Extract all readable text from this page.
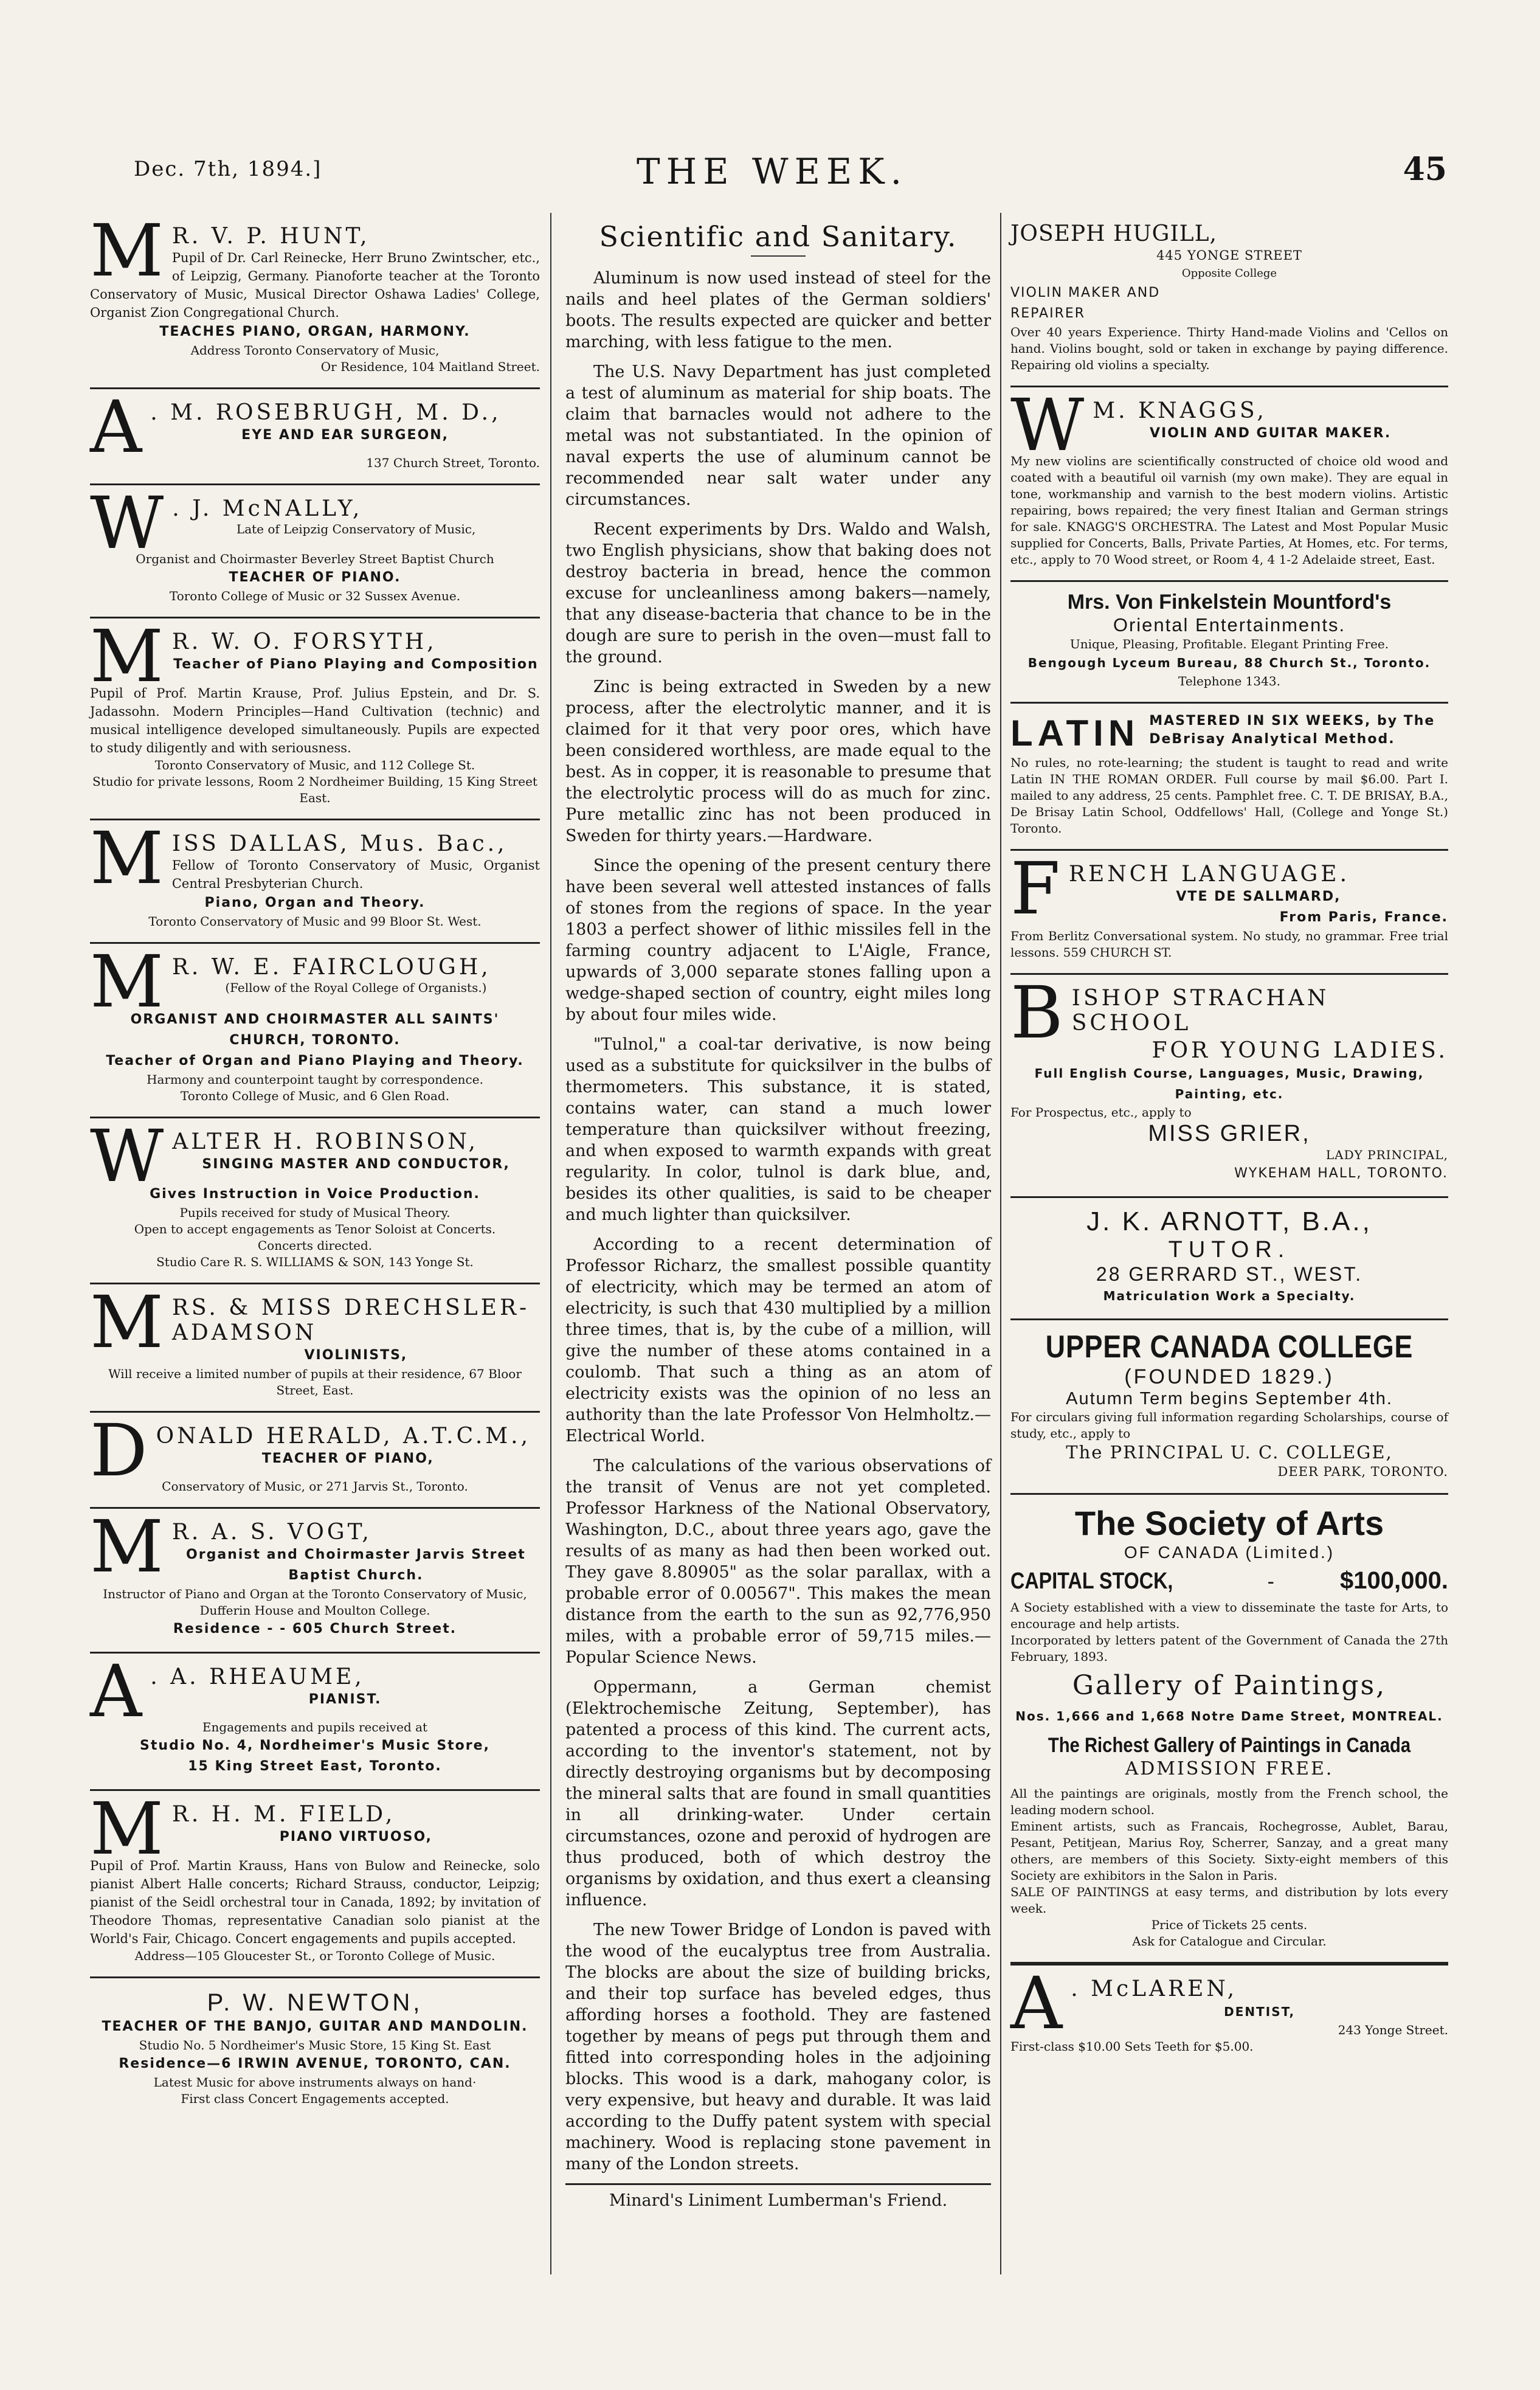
Dec. 7th, 1894.]	THE WEEK.	45
M R. V. P. HUNT,
Pupil of Dr. Carl Reinecke, Herr Bruno Zwintscher, etc., of Leipzig, Germany. Pianoforte teacher at the Toronto Conservatory of Music, Musical Director Oshawa Ladies' College, Organist Zion Congregational Church.
TEACHES PIANO, ORGAN, HARMONY.
Address Toronto Conservatory of Music,
Or Residence, 104 Maitland Street.
A . M. ROSEBRUGH, M. D.,
EYE AND EAR SURGEON,
137 Church Street, Toronto.
W . J. McNALLY,
Late of Leipzig Conservatory of Music,
Organist and Choirmaster Beverley Street Baptist Church
TEACHER OF PIANO.
Toronto College of Music or 32 Sussex Avenue.
M R. W. O. FORSYTH,
Teacher of Piano Playing and Composition
Pupil of Prof. Martin Krause, Prof. Julius Epstein, and Dr. S. Jadassohn. Modern Principles—Hand Cultivation (technic) and musical intelligence developed simultaneously. Pupils are expected to study diligently and with seriousness.
Toronto Conservatory of Music, and 112 College St.
Studio for private lessons, Room 2 Nordheimer Building, 15 King Street East.
M ISS DALLAS, Mus. Bac.,
Fellow of Toronto Conservatory of Music, Organist Central Presbyterian Church.
Piano, Organ and Theory.
Toronto Conservatory of Music and 99 Bloor St. West.
M R. W. E. FAIRCLOUGH,
(Fellow of the Royal College of Organists.)
ORGANIST AND CHOIRMASTER ALL SAINTS' CHURCH, TORONTO.
Teacher of Organ and Piano Playing and Theory.
Harmony and counterpoint taught by correspondence.
Toronto College of Music, and 6 Glen Road.
W ALTER H. ROBINSON,
SINGING MASTER AND CONDUCTOR,
Gives Instruction in Voice Production.
Pupils received for study of Musical Theory.
Open to accept engagements as Tenor Soloist at Concerts.
Concerts directed.
Studio Care R. S. WILLIAMS & SON, 143 Yonge St.
M RS. & MISS DRECHSLER-ADAMSON
VIOLINISTS,
Will receive a limited number of pupils at their residence, 67 Bloor Street, East.
D ONALD HERALD, A.T.C.M.,
TEACHER OF PIANO,
Conservatory of Music, or 271 Jarvis St., Toronto.
M R. A. S. VOGT,
Organist and Choirmaster Jarvis Street Baptist Church.
Instructor of Piano and Organ at the Toronto Conservatory of Music, Dufferin House and Moulton College.
Residence - - 605 Church Street.
A . A. RHEAUME,
PIANIST.
Engagements and pupils received at
Studio No. 4, Nordheimer's Music Store,
15 King Street East, Toronto.
M R. H. M. FIELD,
PIANO VIRTUOSO,
Pupil of Prof. Martin Krauss, Hans von Bulow and Reinecke, solo pianist Albert Halle concerts; Richard Strauss, conductor, Leipzig; pianist of the Seidl orchestral tour in Canada, 1892; by invitation of Theodore Thomas, representative Canadian solo pianist at the World's Fair, Chicago. Concert engagements and pupils accepted.
Address—105 Gloucester St., or Toronto College of Music.
P. W. NEWTON,
TEACHER OF THE BANJO, GUITAR AND MANDOLIN.
Studio No. 5 Nordheimer's Music Store, 15 King St. East
Residence—6 IRWIN AVENUE, TORONTO, CAN.
Latest Music for above instruments always on hand·
First class Concert Engagements accepted.
Scientific and Sanitary.

Aluminum is now used instead of steel for the nails and heel plates of the German soldiers' boots. The results expected are quicker and better marching, with less fatigue to the men.

The U.S. Navy Department has just completed a test of aluminum as material for ship boats. The claim that barnacles would not adhere to the metal was not substantiated. In the opinion of naval experts the use of aluminum cannot be recommended near salt water under any circumstances.

Recent experiments by Drs. Waldo and Walsh, two English physicians, show that baking does not destroy bacteria in bread, hence the common excuse for uncleanliness among bakers—namely, that any disease-bacteria that chance to be in the dough are sure to perish in the oven—must fall to the ground.

Zinc is being extracted in Sweden by a new process, after the electrolytic manner, and it is claimed for it that very poor ores, which have been considered worthless, are made equal to the best. As in copper, it is reasonable to presume that the electrolytic process will do as much for zinc. Pure metallic zinc has not been produced in Sweden for thirty years.—Hardware.

Since the opening of the present century there have been several well attested instances of falls of stones from the regions of space. In the year 1803 a perfect shower of lithic missiles fell in the farming country adjacent to L'Aigle, France, upwards of 3,000 separate stones falling upon a wedge-shaped section of country, eight miles long by about four miles wide.

"Tulnol," a coal-tar derivative, is now being used as a substitute for quicksilver in the bulbs of thermometers. This substance, it is stated, contains water, can stand a much lower temperature than quicksilver without freezing, and when exposed to warmth expands with great regularity. In color, tulnol is dark blue, and, besides its other qualities, is said to be cheaper and much lighter than quicksilver.

According to a recent determination of Professor Richarz, the smallest possible quantity of electricity, which may be termed an atom of electricity, is such that 430 multiplied by a million three times, that is, by the cube of a million, will give the number of these atoms contained in a coulomb. That such a thing as an atom of electricity exists was the opinion of no less an authority than the late Professor Von Helmholtz.—Electrical World.

The calculations of the various observations of the transit of Venus are not yet completed. Professor Harkness of the National Observatory, Washington, D.C., about three years ago, gave the results of as many as had then been worked out. They gave 8.80905" as the solar parallax, with a probable error of 0.00567". This makes the mean distance from the earth to the sun as 92,776,950 miles, with a probable error of 59,715 miles.—Popular Science News.

Oppermann, a German chemist (Elektrochemische Zeitung, September), has patented a process of this kind. The current acts, according to the inventor's statement, not by directly destroying organisms but by decomposing the mineral salts that are found in small quantities in all drinking-water. Under certain circumstances, ozone and peroxid of hydrogen are thus produced, both of which destroy the organisms by oxidation, and thus exert a cleansing influence.

The new Tower Bridge of London is paved with the wood of the eucalyptus tree from Australia. The blocks are about the size of building bricks, and their top surface has beveled edges, thus affording horses a foothold. They are fastened together by means of pegs put through them and fitted into corresponding holes in the adjoining blocks. This wood is a dark, mahogany color, is very expensive, but heavy and durable. It was laid according to the Duffy patent system with special machinery. Wood is replacing stone pavement in many of the London streets.

Minard's Liniment Lumberman's Friend.
JOSEPH HUGILL,
445 YONGE STREET
Opposite College
VIOLIN MAKER AND REPAIRER
Over 40 years Experience. Thirty Hand-made Violins and 'Cellos on hand. Violins bought, sold or taken in exchange by paying difference. Repairing old violins a specialty.
W M. KNAGGS,
VIOLIN AND GUITAR MAKER.
My new violins are scientifically constructed of choice old wood and coated with a beautiful oil varnish (my own make). They are equal in tone, workmanship and varnish to the best modern violins. Artistic repairing, bows repaired; the very finest Italian and German strings for sale. KNAGG'S ORCHESTRA. The Latest and Most Popular Music supplied for Concerts, Balls, Private Parties, At Homes, etc. For terms, etc., apply to 70 Wood street, or Room 4, 4 1-2 Adelaide street, East.
Mrs. Von Finkelstein Mountford's
Oriental Entertainments.
Unique, Pleasing, Profitable. Elegant Printing Free.
Bengough Lyceum Bureau, 88 Church St., Toronto.
Telephone 1343.
LATIN MASTERED IN SIX WEEKS, by The DeBrisay Analytical Method.
No rules, no rote-learning; the student is taught to read and write Latin IN THE ROMAN ORDER. Full course by mail $6.00. Part I. mailed to any address, 25 cents. Pamphlet free. C. T. DE BRISAY, B.A., De Brisay Latin School, Oddfellows' Hall, (College and Yonge St.) Toronto.
F RENCH LANGUAGE.
VTE DE SALLMARD,
From Paris, France.
From Berlitz Conversational system. No study, no grammar. Free trial lessons. 559 CHURCH ST.
B ISHOP STRACHAN SCHOOL
FOR YOUNG LADIES.
Full English Course, Languages, Music, Drawing, Painting, etc.
For Prospectus, etc., apply to
MISS GRIER,
LADY PRINCIPAL,
WYKEHAM HALL, TORONTO.
J. K. ARNOTT, B.A.,
TUTOR.
28 GERRARD ST., WEST.
Matriculation Work a Specialty.
UPPER CANADA COLLEGE
(FOUNDED 1829.)
Autumn Term begins September 4th.
For circulars giving full information regarding Scholarships, course of study, etc., apply to
The PRINCIPAL U. C. COLLEGE,
DEER PARK, TORONTO.
The Society of Arts
OF CANADA (Limited.)
CAPITAL STOCK,	-	$100,000.
A Society established with a view to disseminate the taste for Arts, to encourage and help artists.
Incorporated by letters patent of the Government of Canada the 27th February, 1893.
Gallery of Paintings,
Nos. 1,666 and 1,668 Notre Dame Street, MONTREAL.
The Richest Gallery of Paintings in Canada
ADMISSION FREE.
All the paintings are originals, mostly from the French school, the leading modern school.
Eminent artists, such as Francais, Rochegrosse, Aublet, Barau, Pesant, Petitjean, Marius Roy, Scherrer, Sanzay, and a great many others, are members of this Society. Sixty-eight members of this Society are exhibitors in the Salon in Paris.
SALE OF PAINTINGS at easy terms, and distribution by lots every week.
Price of Tickets 25 cents.
Ask for Catalogue and Circular.
A . McLAREN,
DENTIST,
243 Yonge Street.
First-class $10.00 Sets Teeth for $5.00.
